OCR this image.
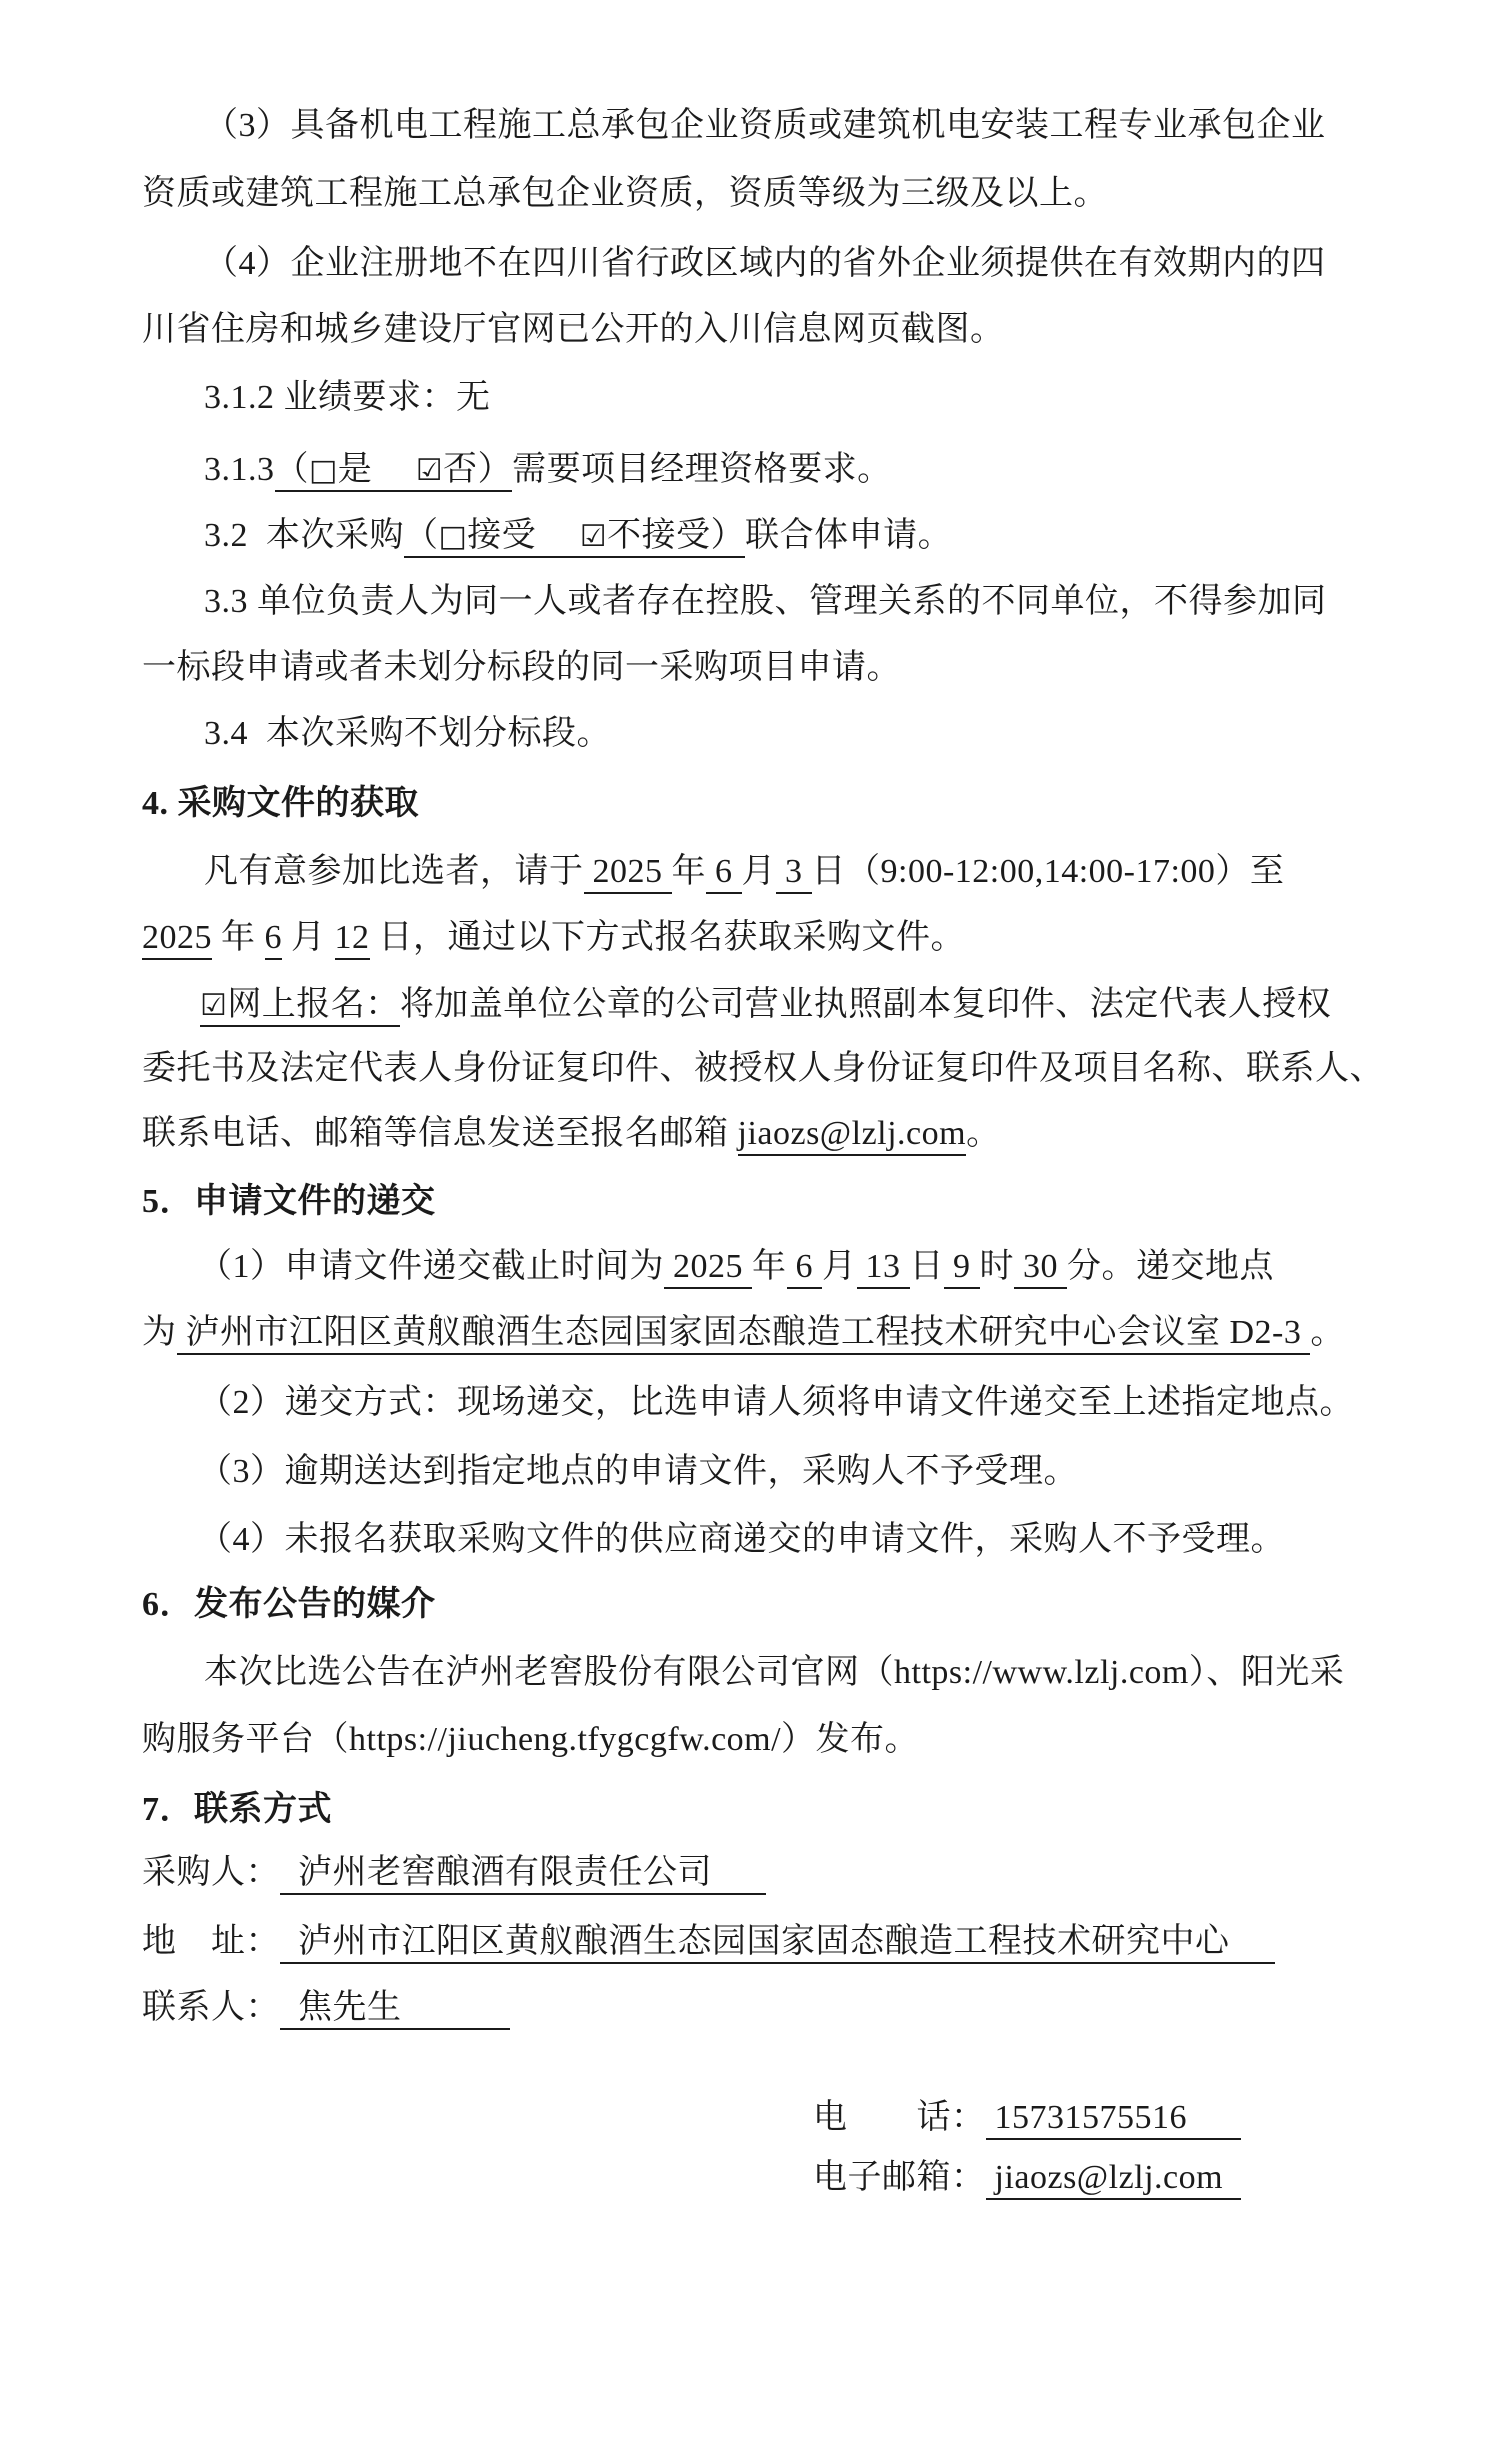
（3）具备机电工程施工总承包企业资质或建筑机电安装工程专业承包企业
资质或建筑工程施工总承包企业资质，资质等级为三级及以上。
（4）企业注册地不在四川省行政区域内的省外企业须提供在有效期内的四
川省住房和城乡建设厅官网已公开的入川信息网页截图。
3.1.2 业绩要求：无
3.1.3（□是　 ☑否）需要项目经理资格要求。
3.2  本次采购（□接受　 ☑不接受）联合体申请。
3.3 单位负责人为同一人或者存在控股、管理关系的不同单位，不得参加同
一标段申请或者未划分标段的同一采购项目申请。
3.4  本次采购不划分标段。
4. 采购文件的获取
凡有意参加比选者，请于 2025 年 6 月 3 日（9:00-12:00,14:00-17:00）至
2025 年 6 月 12 日，通过以下方式报名获取采购文件。
☑网上报名：将加盖单位公章的公司营业执照副本复印件、法定代表人授权
委托书及法定代表人身份证复印件、被授权人身份证复印件及项目名称、联系人、
联系电话、邮箱等信息发送至报名邮箱 jiaozs@lzlj.com。
5．申请文件的递交
（1）申请文件递交截止时间为 2025 年 6 月 13 日 9 时 30 分。递交地点
为 泸州市江阳区黄舣酿酒生态园国家固态酿造工程技术研究中心会议室 D2-3 。
（2）递交方式：现场递交，比选申请人须将申请文件递交至上述指定地点。
（3）逾期送达到指定地点的申请文件，采购人不予受理。
（4）未报名获取采购文件的供应商递交的申请文件，采购人不予受理。
6．发布公告的媒介
本次比选公告在泸州老窖股份有限公司官网（https://www.lzlj.com）、阳光采
购服务平台（https://jiucheng.tfygcgfw.com/）发布。
7．联系方式
采购人：  泸州老窖酿酒有限责任公司
地　址：  泸州市江阳区黄舣酿酒生态园国家固态酿造工程技术研究中心
联系人：  焦先生
电　　话： 15731575516
电子邮箱： jiaozs@lzlj.com
